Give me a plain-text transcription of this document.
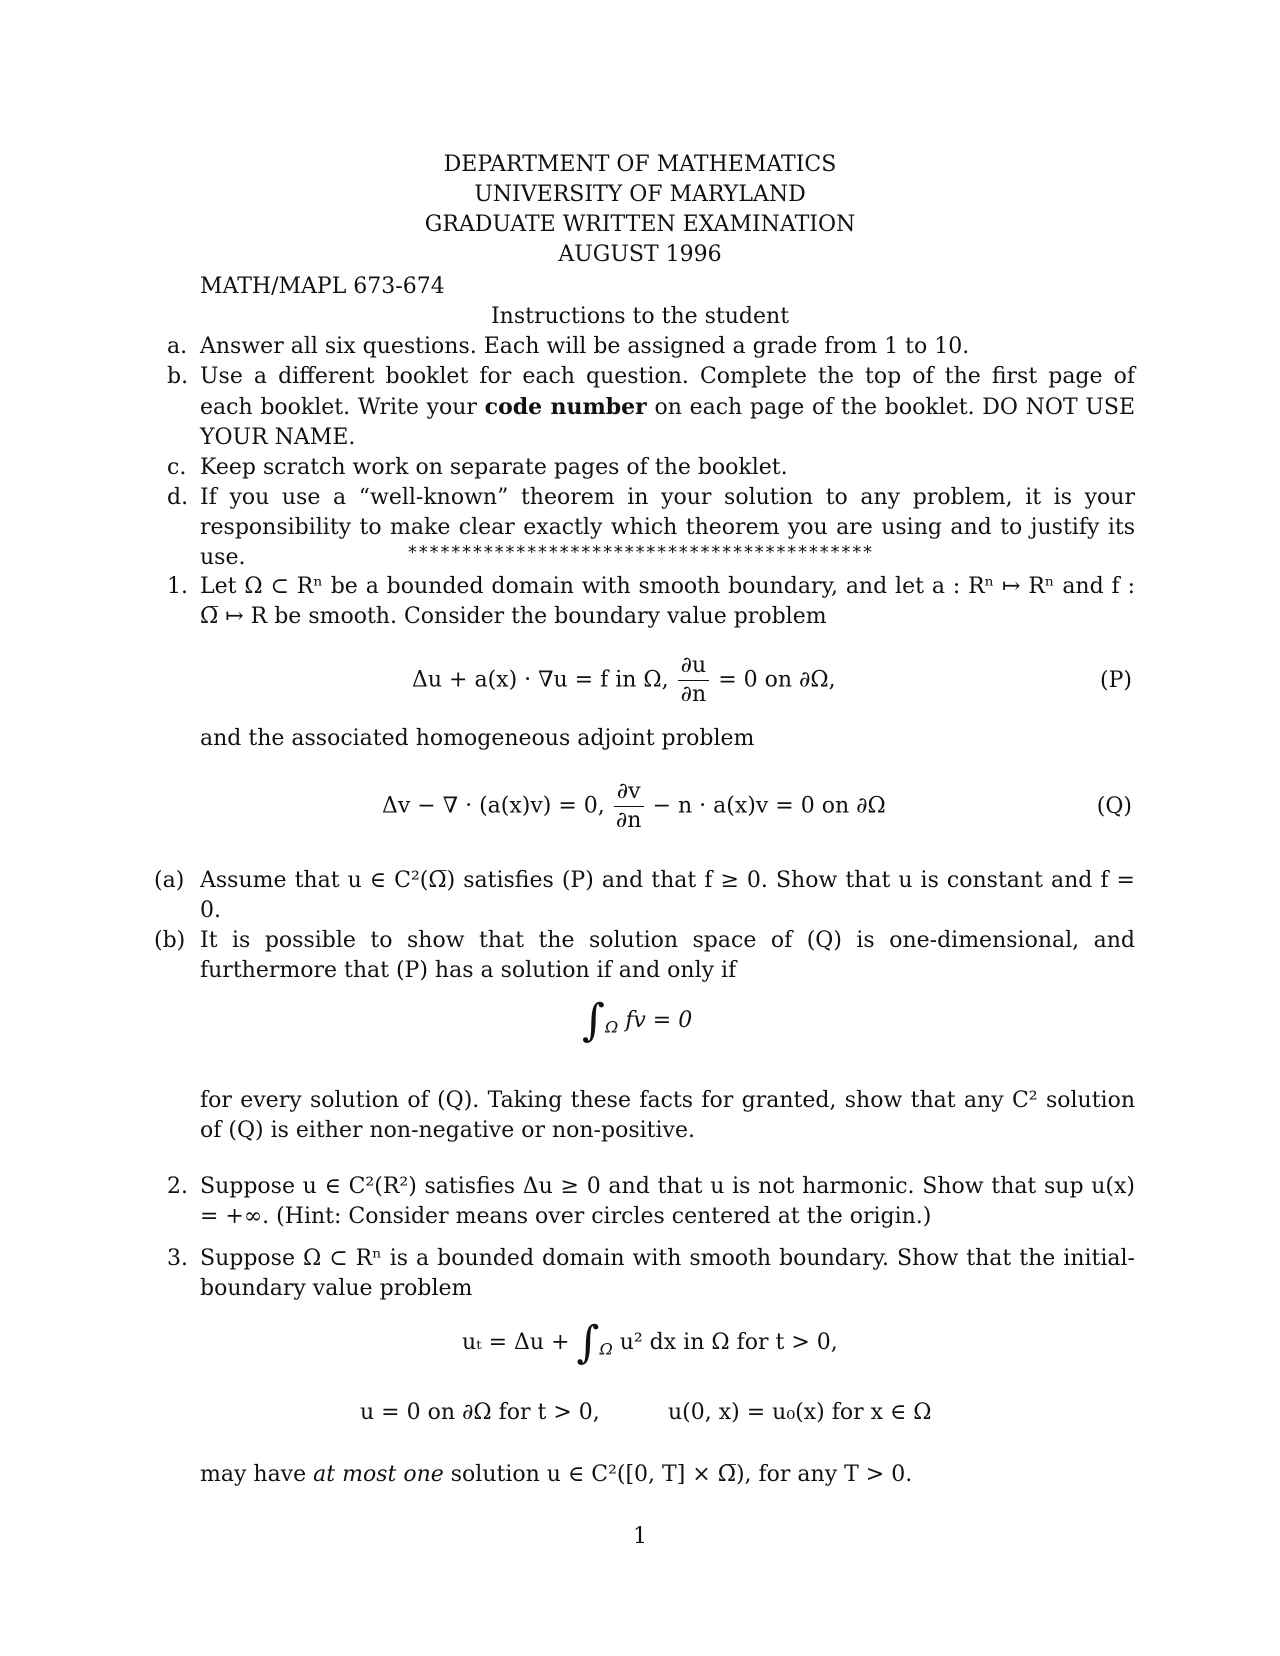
DEPARTMENT OF MATHEMATICS
UNIVERSITY OF MARYLAND
GRADUATE WRITTEN EXAMINATION
AUGUST 1996
MATH/MAPL 673-674
Instructions to the student
a. Answer all six questions. Each will be assigned a grade from 1 to 10.
b. Use a different booklet for each question. Complete the top of the first page of each booklet. Write your code number on each page of the booklet. DO NOT USE YOUR NAME.
c. Keep scratch work on separate pages of the booklet.
d. If you use a “well-known” theorem in your solution to any problem, it is your responsibility to make clear exactly which theorem you are using and to justify its use.	*******************************************
1. Let Ω ⊂ Rⁿ be a bounded domain with smooth boundary, and let a : Rⁿ ↦ Rⁿ and f : Ω̅ ↦ R be smooth. Consider the boundary value problem
Δu + a(x) · ∇u = f in Ω, $\frac{\partial u}{\partial n} = 0$ on ∂Ω,	(P)
and the associated homogeneous adjoint problem
Δv − ∇ · (a(x)v) = 0, $\frac{\partial v}{\partial n} - n \cdot a(x)v = 0$ on ∂Ω	(Q)
(a) Assume that u ∈ C²(Ω̅) satisfies (P) and that f ≥ 0. Show that u is constant and f = 0.
(b) It is possible to show that the solution space of (Q) is one-dimensional, and furthermore that (P) has a solution if and only if
$\int_\Omega$ fv = 0
for every solution of (Q). Taking these facts for granted, show that any C² solution of (Q) is either non-negative or non-positive.
2. Suppose u ∈ C²(R²) satisfies Δu ≥ 0 and that u is not harmonic. Show that sup u(x) = +∞. (Hint: Consider means over circles centered at the origin.)
3. Suppose Ω ⊂ Rⁿ is a bounded domain with smooth boundary. Show that the initial-boundary value problem
$u_t = \Delta u + \int_\Omega$ u² dx in Ω for t > 0,
u = 0 on ∂Ω for t > 0,	u(0, x) = u₀(x) for x ∈ Ω
may have at most one solution u ∈ C²([0, T] × Ω̅), for any T > 0.
1
